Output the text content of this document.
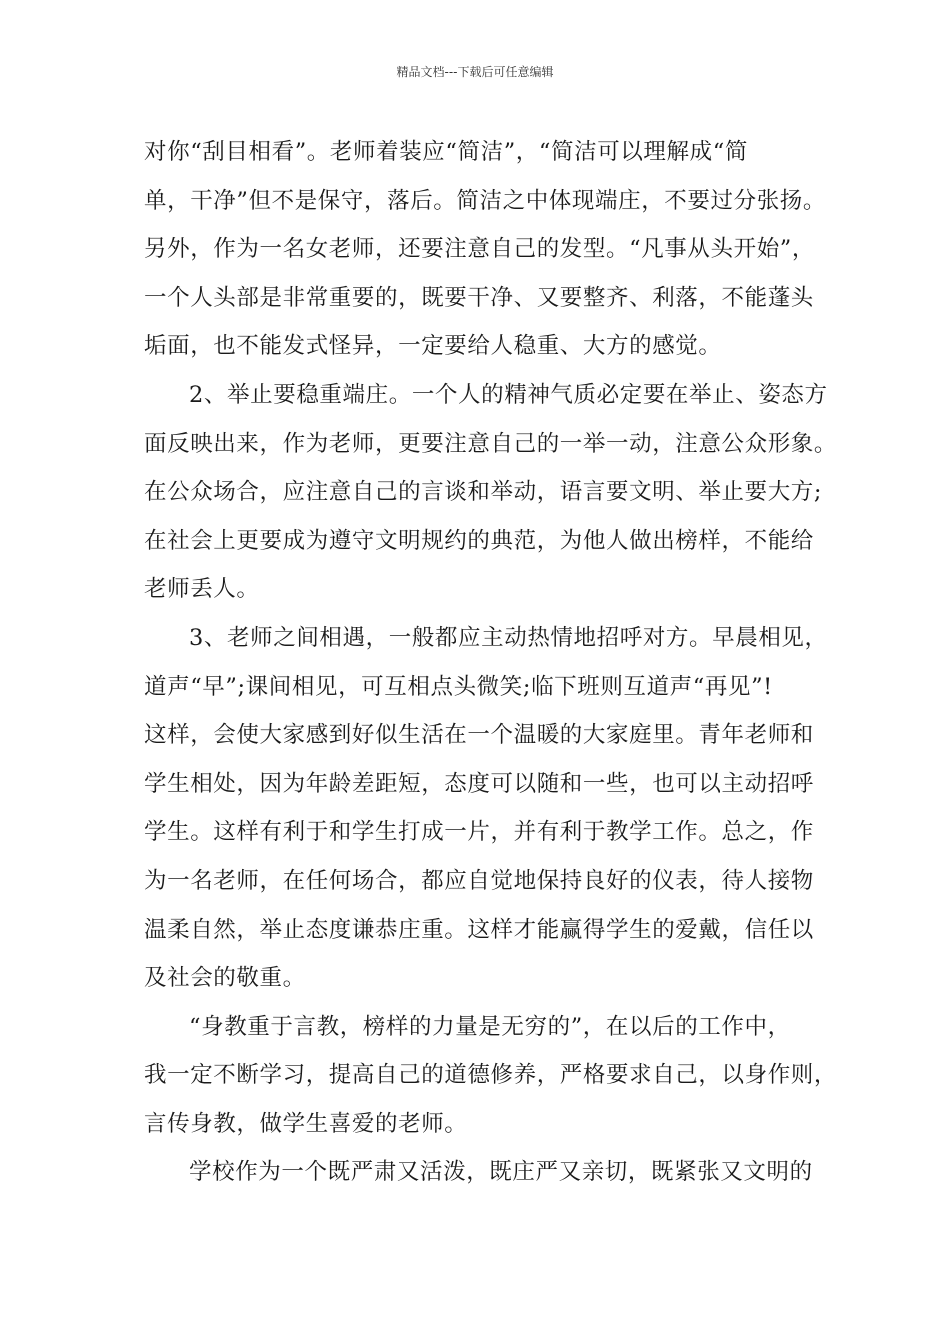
精品文档---下载后可任意编辑
对你“刮目相看”。老师着装应“简洁”，“简洁可以理解成“简
单，干净”但不是保守，落后。简洁之中体现端庄，不要过分张扬。
另外，作为一名女老师，还要注意自己的发型。“凡事从头开始”，
一个人头部是非常重要的，既要干净、又要整齐、利落，不能蓬头
垢面，也不能发式怪异，一定要给人稳重、大方的感觉。
2、举止要稳重端庄。一个人的精神气质必定要在举止、姿态方
面反映出来，作为老师，更要注意自己的一举一动，注意公众形象。
在公众场合，应注意自己的言谈和举动，语言要文明、举止要大方;
在社会上更要成为遵守文明规约的典范，为他人做出榜样，不能给
老师丢人。
3、老师之间相遇，一般都应主动热情地招呼对方。早晨相见，
道声“早”;课间相见，可互相点头微笑;临下班则互道声“再见”!
这样，会使大家感到好似生活在一个温暖的大家庭里。青年老师和
学生相处，因为年龄差距短，态度可以随和一些，也可以主动招呼
学生。这样有利于和学生打成一片，并有利于教学工作。总之，作
为一名老师，在任何场合，都应自觉地保持良好的仪表，待人接物
温柔自然，举止态度谦恭庄重。这样才能赢得学生的爱戴，信任以
及社会的敬重。
“身教重于言教，榜样的力量是无穷的”，在以后的工作中，
我一定不断学习，提高自己的道德修养，严格要求自己，以身作则，
言传身教，做学生喜爱的老师。
学校作为一个既严肃又活泼，既庄严又亲切，既紧张又文明的
